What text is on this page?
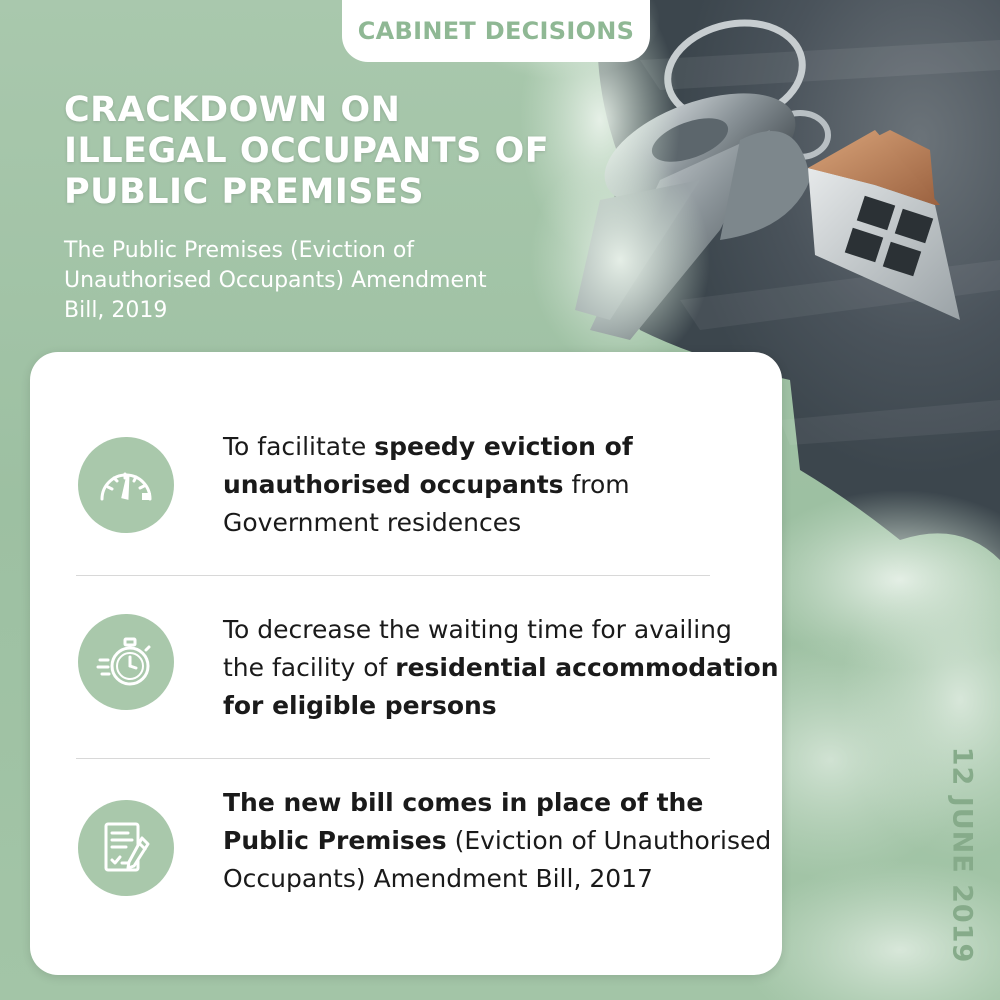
CABINET DECISIONS
CRACKDOWN ON
ILLEGAL OCCUPANTS OF
PUBLIC PREMISES
The Public Premises (Eviction of
Unauthorised Occupants) Amendment
Bill, 2019
To facilitate speedy eviction of
unauthorised occupants from
Government residences
To decrease the waiting time for availing
the facility of residential accommodation
for eligible persons
The new bill comes in place of the
Public Premises (Eviction of Unauthorised
Occupants) Amendment Bill, 2017	12 JUNE 2019
